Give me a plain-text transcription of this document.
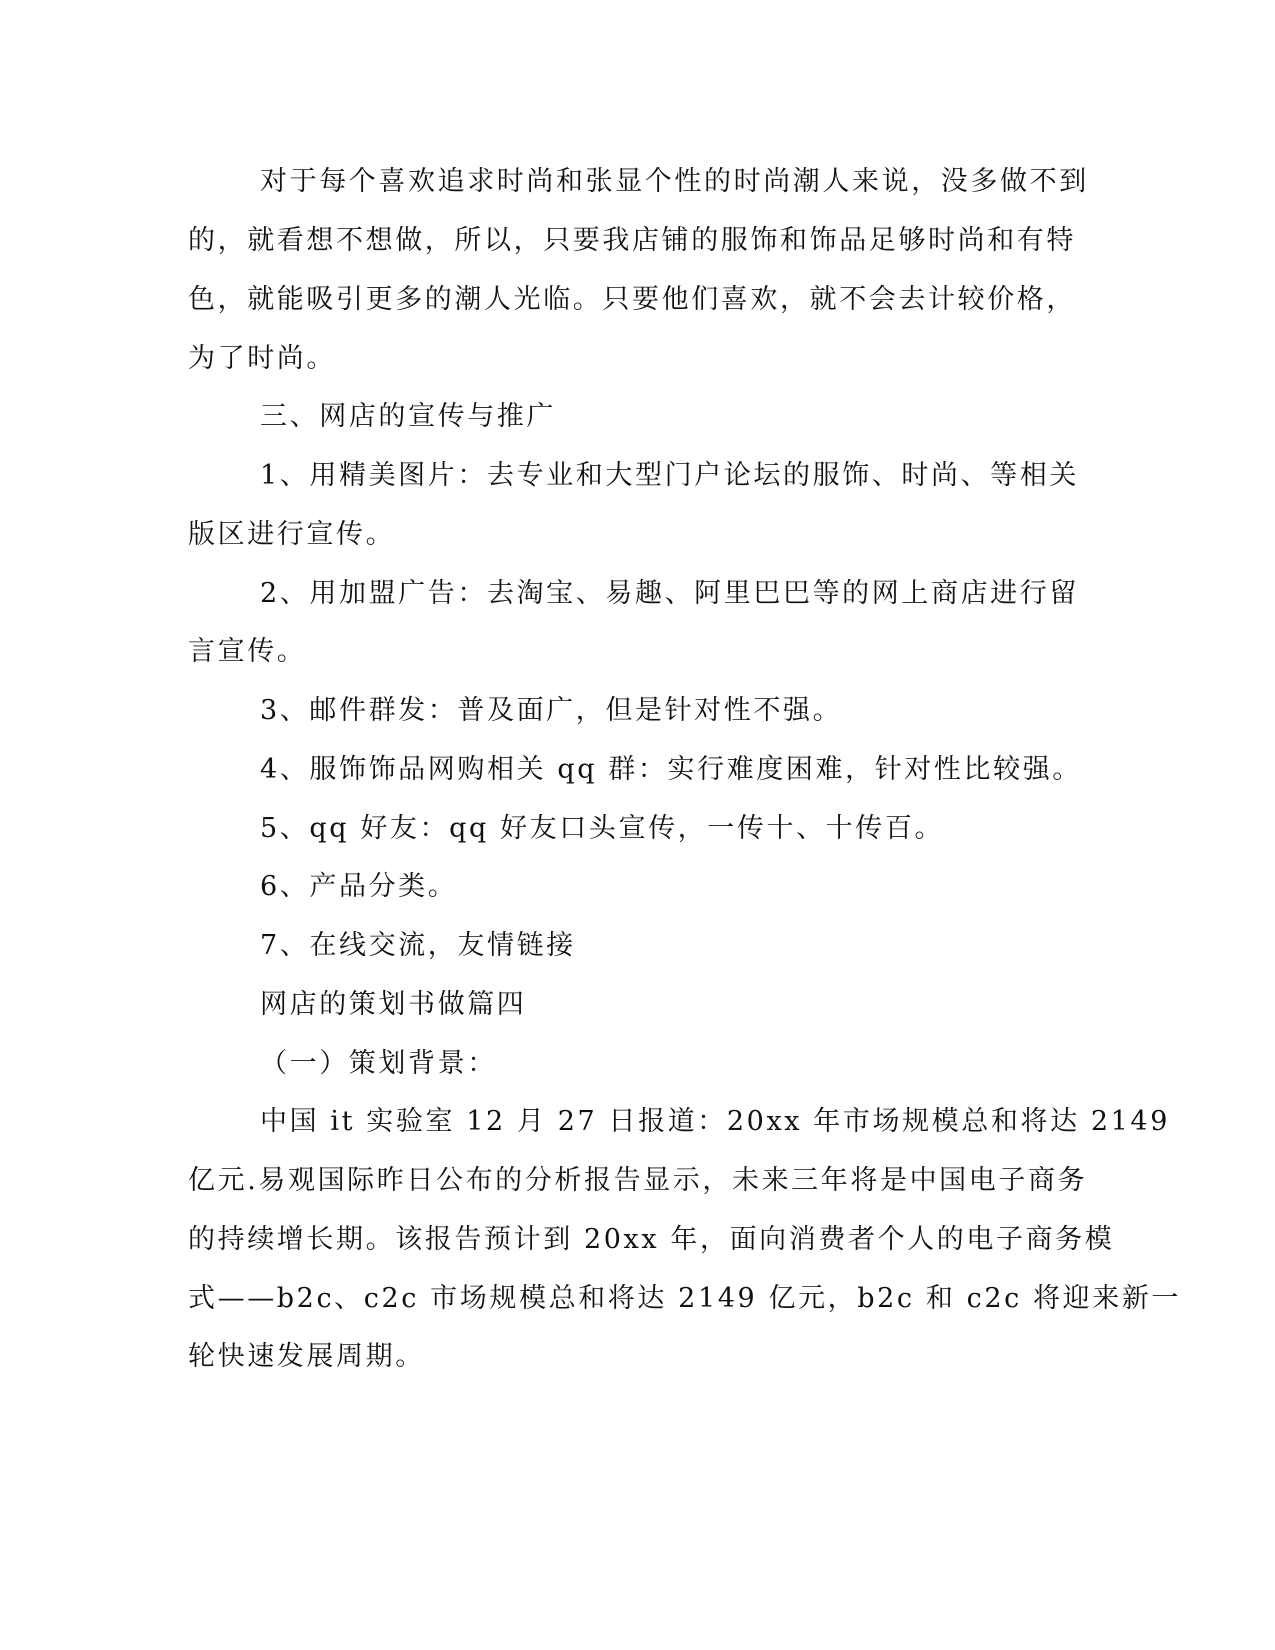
对于每个喜欢追求时尚和张显个性的时尚潮人来说，没多做不到
的，就看想不想做，所以，只要我店铺的服饰和饰品足够时尚和有特
色，就能吸引更多的潮人光临。只要他们喜欢，就不会去计较价格，
为了时尚。
三、网店的宣传与推广
1、用精美图片：去专业和大型门户论坛的服饰、时尚、等相关
版区进行宣传。
2、用加盟广告：去淘宝、易趣、阿里巴巴等的网上商店进行留
言宣传。
3、邮件群发：普及面广，但是针对性不强。
4、服饰饰品网购相关 qq 群：实行难度困难，针对性比较强。
5、qq 好友：qq 好友口头宣传，一传十、十传百。
6、产品分类。
7、在线交流，友情链接
网店的策划书做篇四
（一）策划背景：
中国 it 实验室 12 月 27 日报道：20xx 年市场规模总和将达 2149
亿元.易观国际昨日公布的分析报告显示，未来三年将是中国电子商务
的持续增长期。该报告预计到 20xx 年，面向消费者个人的电子商务模
式——b2c、c2c 市场规模总和将达 2149 亿元，b2c 和 c2c 将迎来新一
轮快速发展周期。
